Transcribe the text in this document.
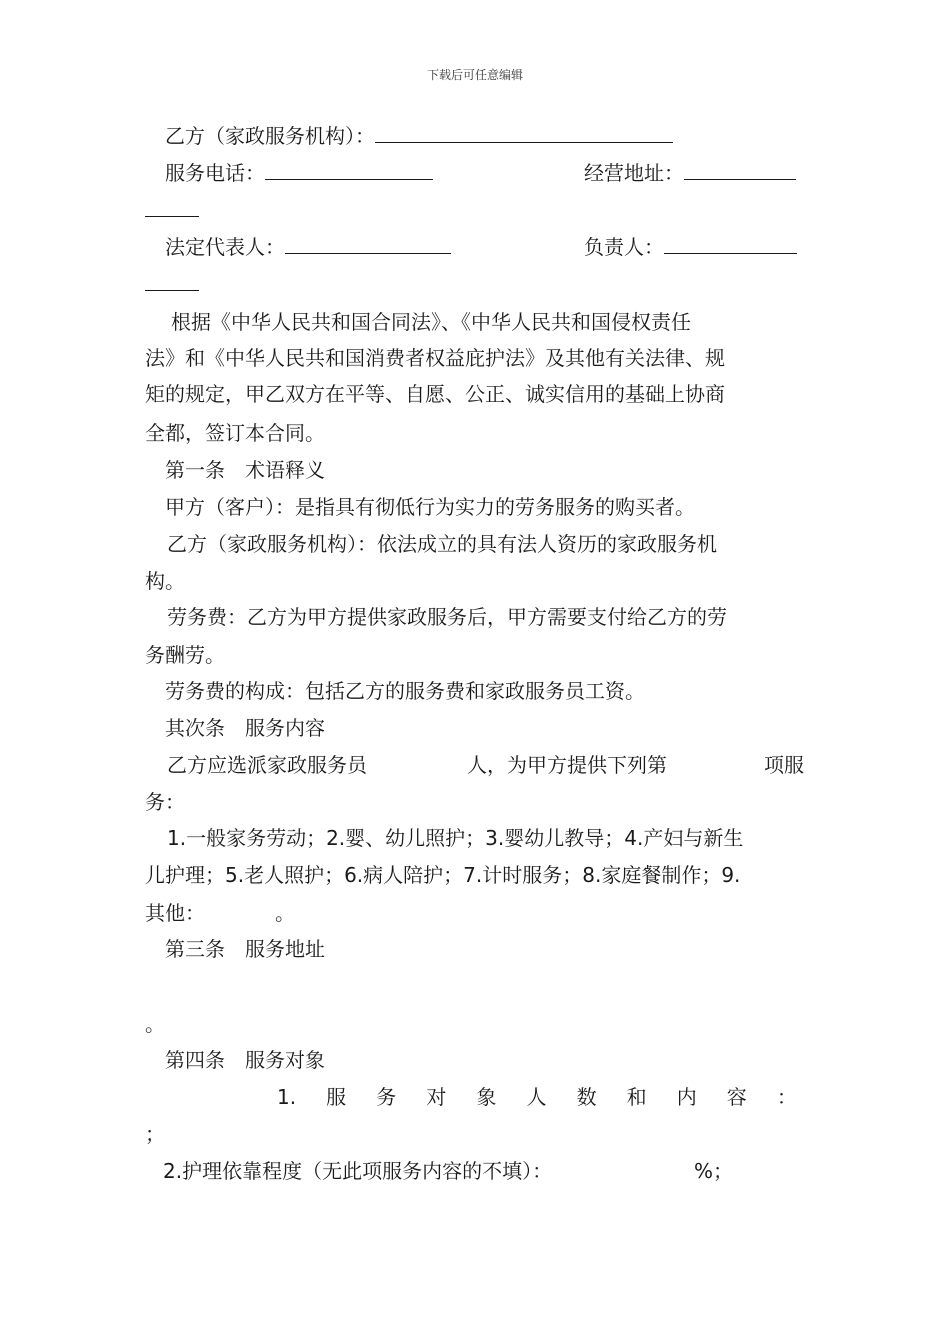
下载后可任意编辑
乙方（家政服务机构）：
服务电话：	经营地址：
法定代表人：	负责人：
根据《中华人民共和国合同法》、《中华人民共和国侵权责任
法》和《中华人民共和国消费者权益庇护法》及其他有关法律、规
矩的规定，甲乙双方在平等、自愿、公正、诚实信用的基础上协商
全都，签订本合同。
第一条　术语释义
甲方（客户）：是指具有彻低行为实力的劳务服务的购买者。
乙方（家政服务机构）：依法成立的具有法人资历的家政服务机
构。
劳务费：乙方为甲方提供家政服务后，甲方需要支付给乙方的劳
务酬劳。
劳务费的构成：包括乙方的服务费和家政服务员工资。
其次条　服务内容
乙方应选派家政服务员	人，为甲方提供下列第	项服
务：
1.一般家务劳动；2.婴、幼儿照护；3.婴幼儿教导；4.产妇与新生
儿护理；5.老人照护；6.病人陪护；7.计时服务；8.家庭餐制作；9.
其他：　　　　。
第三条　服务地址
。
第四条　服务对象
1. 服 务 对 象 人 数 和 内 容 ：
；
2.护理依靠程度（无此项服务内容的不填）：	%；
